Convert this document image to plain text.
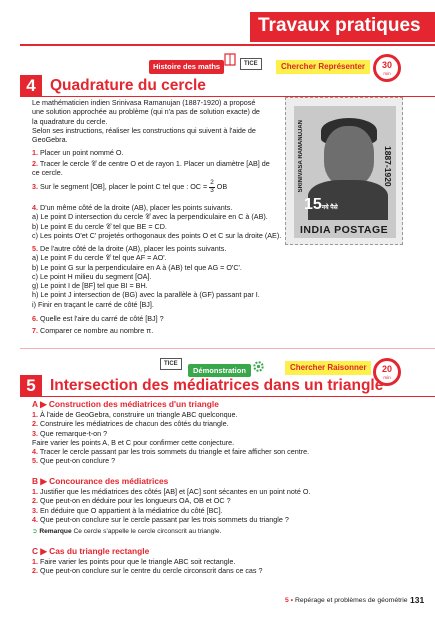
Travaux pratiques
Histoire des maths	TICE	Chercher Représenter	30
min
4 Quadrature du cercle
Le mathématicien indien Srinivasa Ramanujan (1887-1920) a proposé
une solution approchée au problème (qui n'a pas de solution exacte) de
la quadrature du cercle.
Selon ses instructions, réaliser les constructions qui suivent à l'aide de
GeoGebra.
1. Placer un point nommé O.
2. Tracer le cercle 𝒞 de centre O et de rayon 1. Placer un diamètre [AB] de
ce cercle.
3. Sur le segment [OB], placer le point C tel que : OC = $\frac{2}{3}$ OB
15नये पैसे
SRINIVASA RAMANUJAN	1887-1920
INDIA POSTAGE
4. D'un même côté de la droite (AB), placer les points suivants.
a) Le point D intersection du cercle 𝒞 avec la perpendiculaire en C à (AB).
b) Le point E du cercle 𝒞 tel que BE = CD.
c) Les points O'et C' projetés orthogonaux des points O et C sur la droite (AE).
5. De l'autre côté de la droite (AB), placer les points suivants.
a) Le point F du cercle 𝒞 tel que AF = AO'.
b) Le point G sur la perpendiculaire en A à (AB) tel que AG = O'C'.
c) Le point H milieu du segment [OA].
g) Le point I de [BF] tel que BI = BH.
h) Le point J intersection de (BG) avec la parallèle à (GF) passant par I.
i) Finir en traçant le carré de côté [BJ].
6. Quelle est l'aire du carré de côté [BJ] ?
7. Comparer ce nombre au nombre π.
TICE
Démonstration	Chercher Raisonner	20
min
5 Intersection des médiatrices dans un triangle
A ▶ Construction des médiatrices d'un triangle
1. À l'aide de GeoGebra, construire un triangle ABC quelconque.
2. Construire les médiatrices de chacun des côtés du triangle.
3. Que remarque-t-on ?
Faire varier les points A, B et C pour confirmer cette conjecture.
4. Tracer le cercle passant par les trois sommets du triangle et faire afficher son centre.
5. Que peut-on conclure ?
B ▶ Concourance des médiatrices
1. Justifier que les médiatrices des côtés [AB] et [AC] sont sécantes en un point noté O.
2. Que peut-on en déduire pour les longueurs OA, OB et OC ?
3. En déduire que O appartient à la médiatrice du côté [BC].
4. Que peut-on conclure sur le cercle passant par les trois sommets du triangle ?
➲ Remarque Ce cercle s'appelle le cercle circonscrit au triangle.
C ▶ Cas du triangle rectangle
1. Faire varier les points pour que le triangle ABC soit rectangle.
2. Que peut-on conclure sur le centre du cercle circonscrit dans ce cas ?
5 • Repérage et problèmes de géométrie 131
